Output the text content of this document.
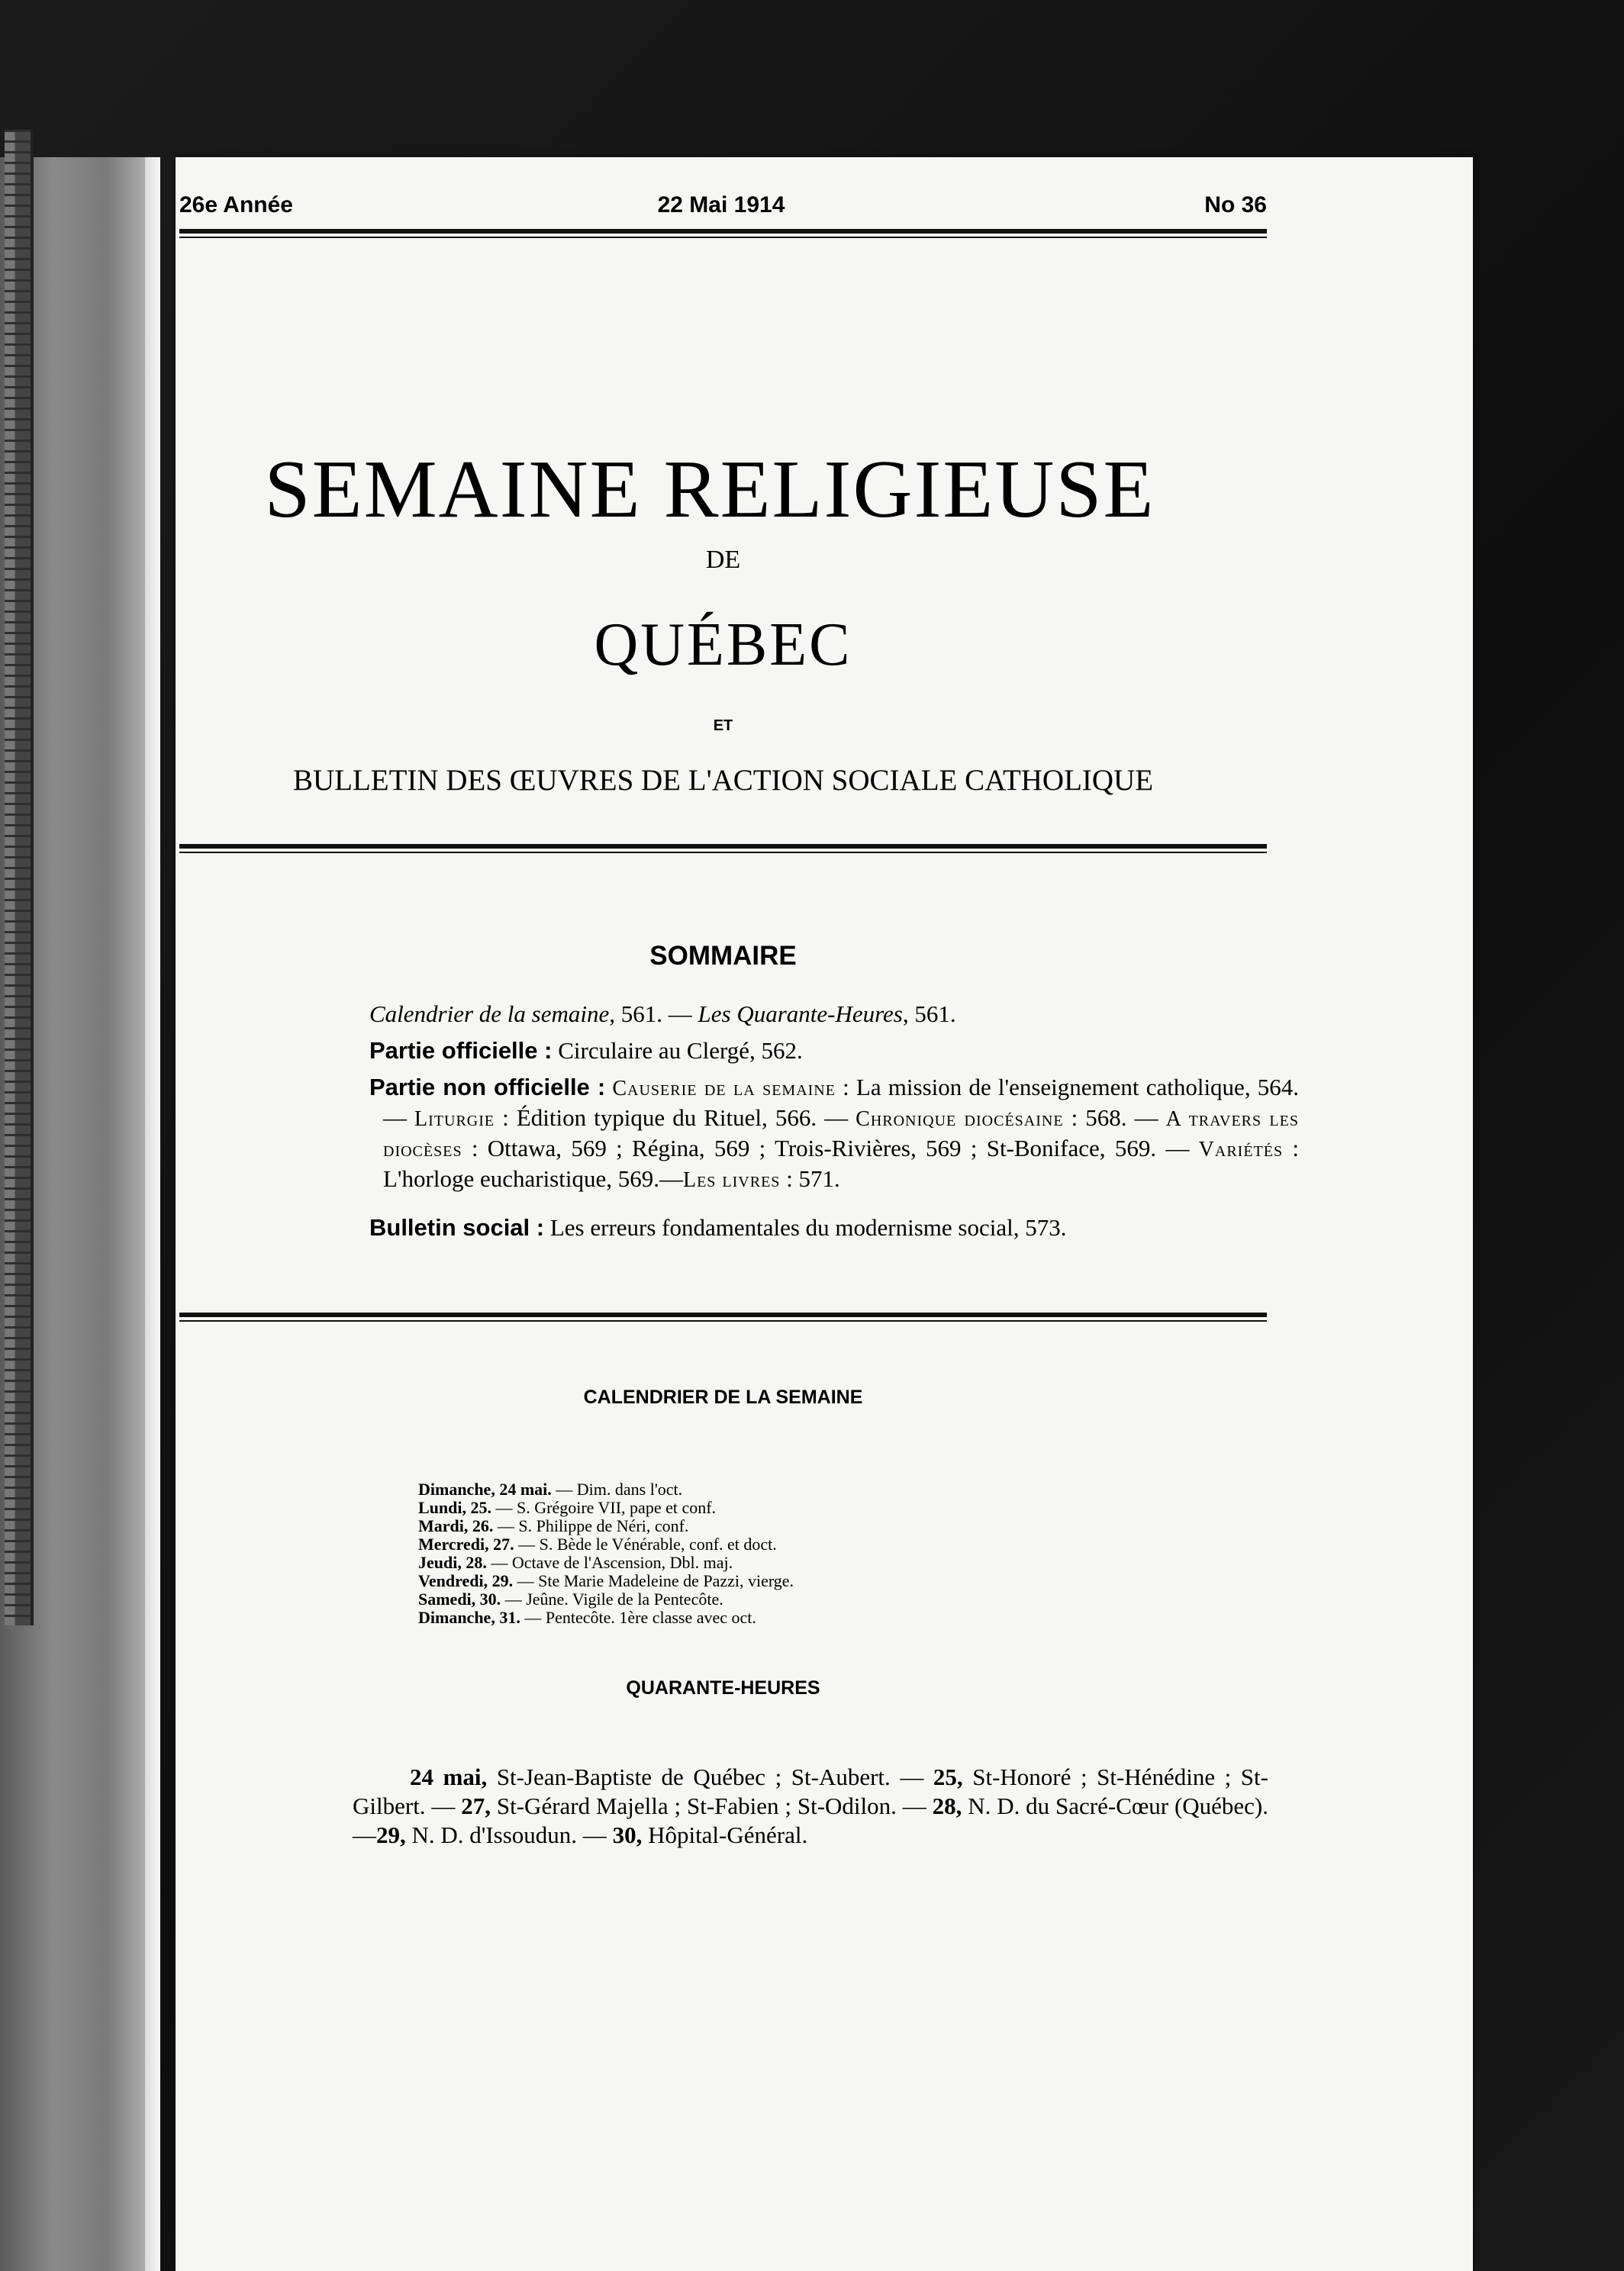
26e Année	22 Mai 1914	No 36
SEMAINE RELIGIEUSE
DE
QUÉBEC
ET
BULLETIN DES ŒUVRES DE L'ACTION SOCIALE CATHOLIQUE
SOMMAIRE
Calendrier de la semaine, 561. — Les Quarante-Heures, 561.
Partie officielle : Circulaire au Clergé, 562.
Partie non officielle : Causerie de la semaine : La mission de l'enseignement catholique, 564. — Liturgie : Édition typique du Rituel, 566. — Chronique diocésaine : 568. — A travers les diocèses : Ottawa, 569 ; Régina, 569 ; Trois-Rivières, 569 ; St-Boniface, 569. — Variétés : L'horloge eucharistique, 569.—Les livres : 571.
Bulletin social : Les erreurs fondamentales du modernisme social, 573.
CALENDRIER DE LA SEMAINE
Dimanche, 24 mai. — Dim. dans l'oct.
Lundi, 25. — S. Grégoire VII, pape et conf.
Mardi, 26. — S. Philippe de Néri, conf.
Mercredi, 27. — S. Bède le Vénérable, conf. et doct.
Jeudi, 28. — Octave de l'Ascension, Dbl. maj.
Vendredi, 29. — Ste Marie Madeleine de Pazzi, vierge.
Samedi, 30. — Jeûne. Vigile de la Pentecôte.
Dimanche, 31. — Pentecôte. 1ère classe avec oct.
QUARANTE-HEURES
24 mai, St-Jean-Baptiste de Québec ; St-Aubert. — 25, St-Honoré ; St-Hénédine ; St-Gilbert. — 27, St-Gérard Majella ; St-Fabien ; St-Odilon. — 28, N. D. du Sacré-Cœur (Québec).—29, N. D. d'Issoudun. — 30, Hôpital-Général.
